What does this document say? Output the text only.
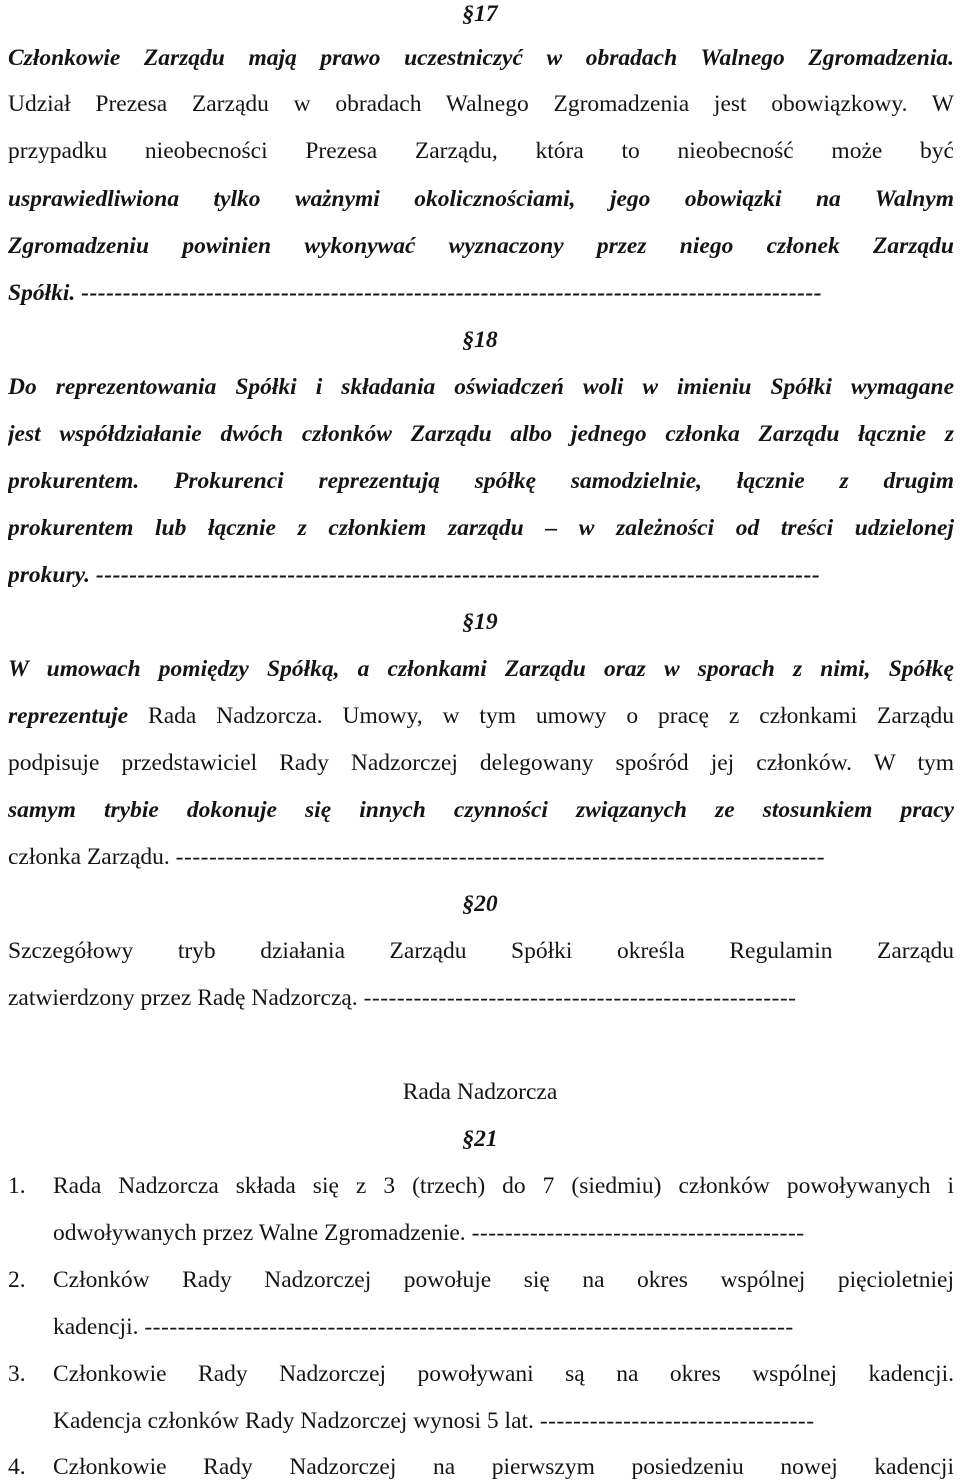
§17
Członkowie Zarządu mają prawo uczestniczyć w obradach Walnego Zgromadzenia.
Udział Prezesa Zarządu w obradach Walnego Zgromadzenia jest obowiązkowy. W
przypadku nieobecności Prezesa Zarządu, która to nieobecność może być
usprawiedliwiona tylko ważnymi okolicznościami, jego obowiązki na Walnym
Zgromadzeniu powinien wykonywać wyznaczony przez niego członek Zarządu
Spółki. -----------------------------------------------------------------------------------------
§18
Do reprezentowania Spółki i składania oświadczeń woli w imieniu Spółki wymagane
jest współdziałanie dwóch członków Zarządu albo jednego członka Zarządu łącznie z
prokurentem. Prokurenci reprezentują spółkę samodzielnie, łącznie z drugim
prokurentem lub łącznie z członkiem zarządu – w zależności od treści udzielonej
prokury. ---------------------------------------------------------------------------------------
§19
W umowach pomiędzy Spółką, a członkami Zarządu oraz w sporach z nimi, Spółkę
reprezentuje Rada Nadzorcza. Umowy, w tym umowy o pracę z członkami Zarządu
podpisuje przedstawiciel Rady Nadzorczej delegowany spośród jej członków. W tym
samym trybie dokonuje się innych czynności związanych ze stosunkiem pracy
członka Zarządu. ------------------------------------------------------------------------------
§20
Szczegółowy tryb działania Zarządu Spółki określa Regulamin Zarządu
zatwierdzony przez Radę Nadzorczą. ----------------------------------------------------
Rada Nadzorcza
§21
1. Rada Nadzorcza składa się z 3 (trzech) do 7 (siedmiu) członków powoływanych i
odwoływanych przez Walne Zgromadzenie. ----------------------------------------
2. Członków Rady Nadzorczej powołuje się na okres wspólnej pięcioletniej
kadencji. ------------------------------------------------------------------------------
3. Członkowie Rady Nadzorczej powoływani są na okres wspólnej kadencji.
Kadencja członków Rady Nadzorczej wynosi 5 lat. ---------------------------------
4. Członkowie Rady Nadzorczej na pierwszym posiedzeniu nowej kadencji
